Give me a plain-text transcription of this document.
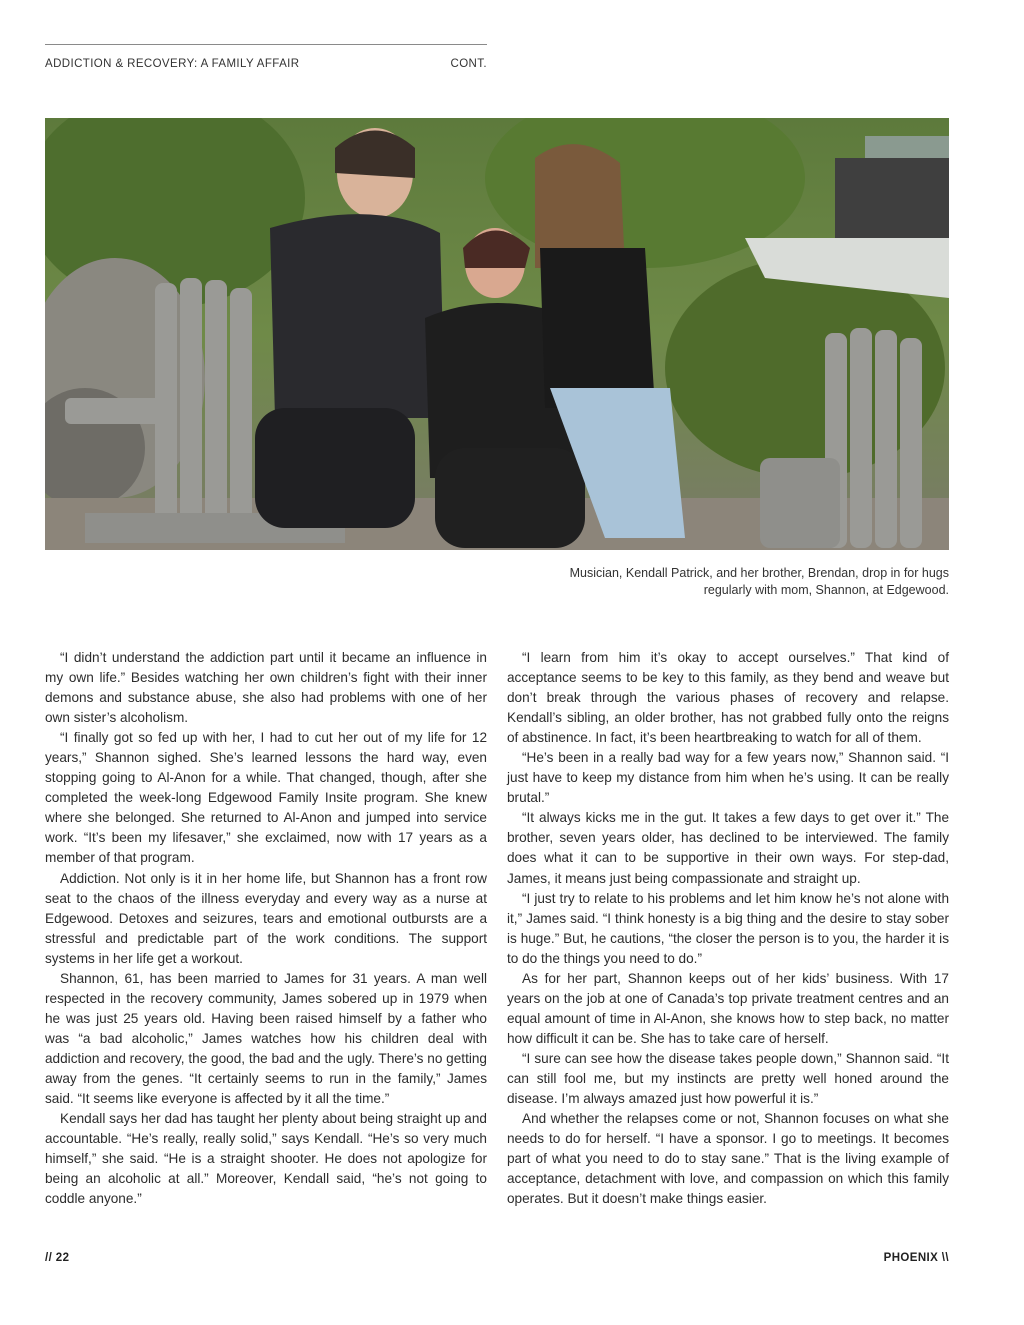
ADDICTION & RECOVERY: A FAMILY AFFAIR	CONT.

Musician, Kendall Patrick, and her brother, Brendan, drop in for hugs

regularly with mom, Shannon, at Edgewood.

“I didn’t understand the addiction part until it became an influence in my own life.” Besides watching her own children’s fight with their inner demons and substance abuse, she also had problems with one of her own sister’s alcoholism.

“I finally got so fed up with her, I had to cut her out of my life for 12 years,” Shannon sighed. She’s learned lessons the hard way, even stopping going to Al-Anon for a while. That changed, though, after she completed the week-long Edgewood Family Insite program. She knew where she belonged. She returned to Al-Anon and jumped into service work. “It’s been my lifesaver,” she exclaimed, now with 17 years as a member of that program.

Addiction. Not only is it in her home life, but Shannon has a front row seat to the chaos of the illness everyday and every way as a nurse at Edgewood. Detoxes and seizures, tears and emotional outbursts are a stressful and predictable part of the work conditions. The support systems in her life get a workout.

Shannon, 61, has been married to James for 31 years. A man well respected in the recovery community, James sobered up in 1979 when he was just 25 years old. Having been raised himself by a father who was “a bad alcoholic,” James watches how his children deal with addiction and recovery, the good, the bad and the ugly. There’s no getting away from the genes. “It certainly seems to run in the family,” James said. “It seems like everyone is affected by it all the time.”

Kendall says her dad has taught her plenty about being straight up and accountable. “He’s really, really solid,” says Kendall. “He’s so very much himself,” she said. “He is a straight shooter. He does not apologize for being an alcoholic at all.” Moreover, Kendall said, “he’s not going to coddle anyone.”

“I learn from him it’s okay to accept ourselves.” That kind of acceptance seems to be key to this family, as they bend and weave but don’t break through the various phases of recovery and relapse. Kendall’s sibling, an older brother, has not grabbed fully onto the reigns of abstinence. In fact, it’s been heartbreaking to watch for all of them.

“He’s been in a really bad way for a few years now,” Shannon said. “I just have to keep my distance from him when he’s using. It can be really brutal.”

“It always kicks me in the gut. It takes a few days to get over it.” The brother, seven years older, has declined to be interviewed. The family does what it can to be supportive in their own ways. For step-dad, James, it means just being compassionate and straight up.

“I just try to relate to his problems and let him know he’s not alone with it,” James said. “I think honesty is a big thing and the desire to stay sober is huge.” But, he cautions, “the closer the person is to you, the harder it is to do the things you need to do.”

As for her part, Shannon keeps out of her kids’ business. With 17 years on the job at one of Canada’s top private treatment centres and an equal amount of time in Al-Anon, she knows how to step back, no matter how difficult it can be. She has to take care of herself.

“I sure can see how the disease takes people down,” Shannon said. “It can still fool me, but my instincts are pretty well honed around the disease. I’m always amazed just how powerful it is.”

And whether the relapses come or not, Shannon focuses on what she needs to do for herself. “I have a sponsor. I go to meetings. It becomes part of what you need to do to stay sane.” That is the living example of acceptance, detachment with love, and compassion on which this family operates. But it doesn’t make things easier.

// 22	PHOENIX \\
